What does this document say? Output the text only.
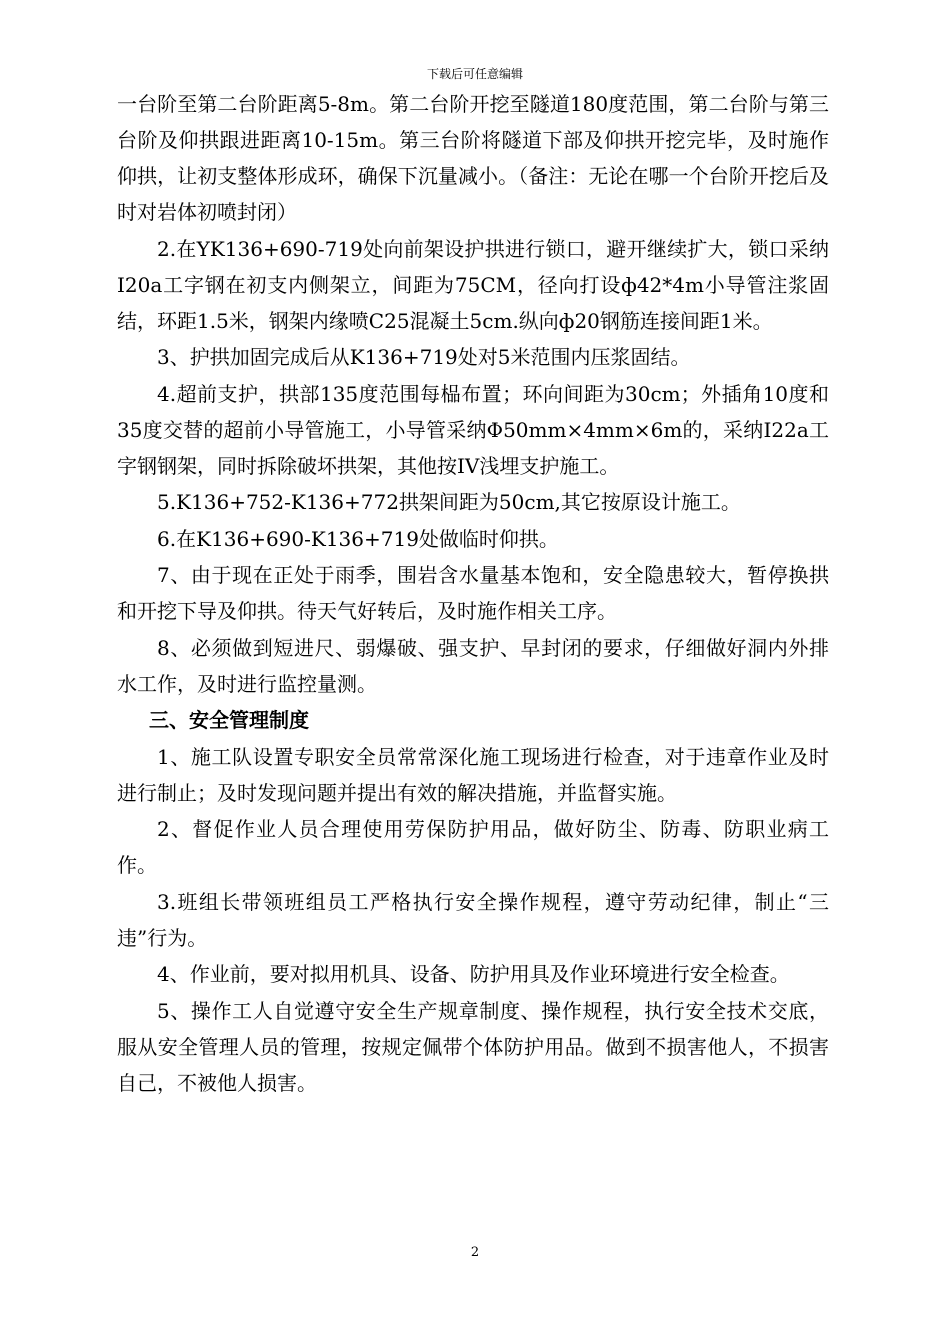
下载后可任意编辑

一台阶至第二台阶距离5-8m。第二台阶开挖至隧道180度范围，第二台阶与第三台阶及仰拱跟进距离10-15m。第三台阶将隧道下部及仰拱开挖完毕，及时施作仰拱，让初支整体形成环，确保下沉量减小。（备注：无论在哪一个台阶开挖后及时对岩体初喷封闭）

2.在YK136+690-719处向前架设护拱进行锁口，避开继续扩大，锁口采纳I20a工字钢在初支内侧架立，间距为75CM，径向打设ф42*4m小导管注浆固结，环距1.5米，钢架内缘喷C25混凝土5cm.纵向ф20钢筋连接间距1米。

3、护拱加固完成后从K136+719处对5米范围内压浆固结。

4.超前支护，拱部135度范围每榀布置；环向间距为30cm；外插角10度和35度交替的超前小导管施工，小导管采纳Φ50mm×4mm×6m的，采纳I22a工字钢钢架，同时拆除破坏拱架，其他按IV浅埋支护施工。

5.K136+752-K136+772拱架间距为50cm,其它按原设计施工。

6.在K136+690-K136+719处做临时仰拱。

7、由于现在正处于雨季，围岩含水量基本饱和，安全隐患较大，暂停换拱和开挖下导及仰拱。待天气好转后，及时施作相关工序。

8、必须做到短进尺、弱爆破、强支护、早封闭的要求，仔细做好洞内外排水工作，及时进行监控量测。

三、安全管理制度

1、施工队设置专职安全员常常深化施工现场进行检查，对于违章作业及时进行制止；及时发现问题并提出有效的解决措施，并监督实施。

2、督促作业人员合理使用劳保防护用品，做好防尘、防毒、防职业病工作。

3.班组长带领班组员工严格执行安全操作规程，遵守劳动纪律，制止“三违”行为。

4、作业前，要对拟用机具、设备、防护用具及作业环境进行安全检查。

5、操作工人自觉遵守安全生产规章制度、操作规程，执行安全技术交底，服从安全管理人员的管理，按规定佩带个体防护用品。做到不损害他人，不损害自己，不被他人损害。

2
